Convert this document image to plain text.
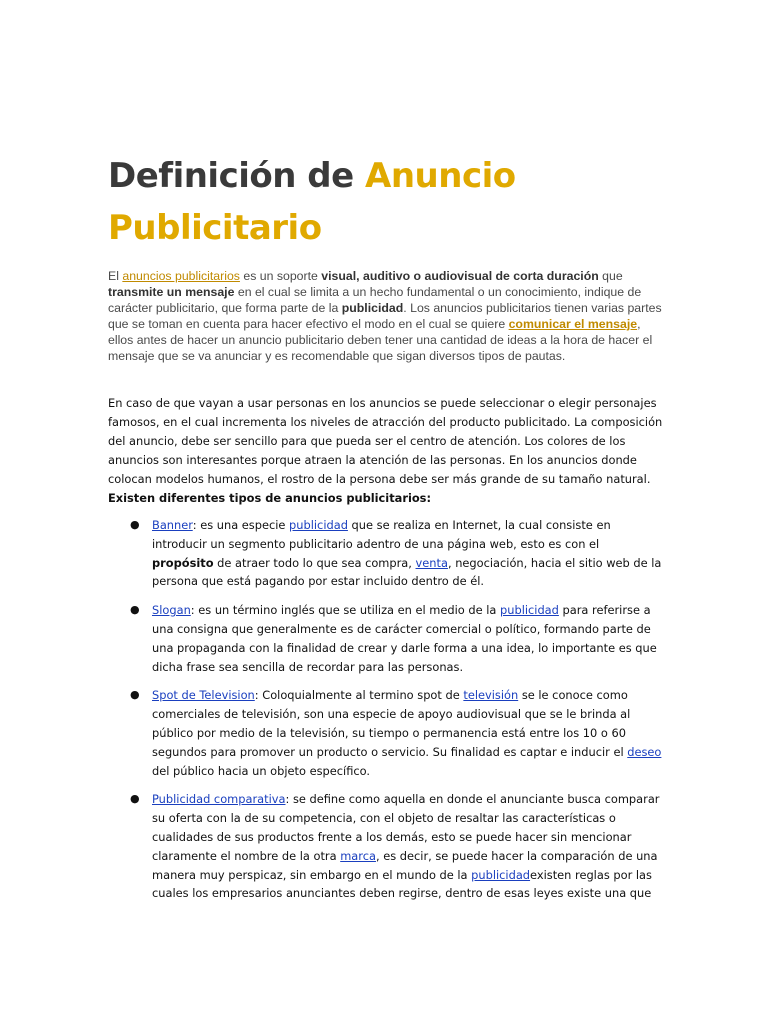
Definición de Anuncio Publicitario

El anuncios publicitarios es un soporte visual, auditivo o audiovisual de corta duración que transmite un mensaje en el cual se limita a un hecho fundamental o un conocimiento, indique de carácter publicitario, que forma parte de la publicidad. Los anuncios publicitarios tienen varias partes que se toman en cuenta para hacer efectivo el modo en el cual se quiere comunicar el mensaje, ellos antes de hacer un anuncio publicitario deben tener una cantidad de ideas a la hora de hacer el mensaje que se va anunciar y es recomendable que sigan diversos tipos de pautas.

En caso de que vayan a usar personas en los anuncios se puede seleccionar o elegir personajes famosos, en el cual incrementa los niveles de atracción del producto publicitado. La composición del anuncio, debe ser sencillo para que pueda ser el centro de atención. Los colores de los anuncios son interesantes porque atraen la atención de las personas. En los anuncios donde colocan modelos humanos, el rostro de la persona debe ser más grande de su tamaño natural. Existen diferentes tipos de anuncios publicitarios:

● Banner: es una especie publicidad que se realiza en Internet, la cual consiste en introducir un segmento publicitario adentro de una página web, esto es con el propósito de atraer todo lo que sea compra, venta, negociación, hacia el sitio web de la persona que está pagando por estar incluido dentro de él.
● Slogan: es un término inglés que se utiliza en el medio de la publicidad para referirse a una consigna que generalmente es de carácter comercial o político, formando parte de una propaganda con la finalidad de crear y darle forma a una idea, lo importante es que dicha frase sea sencilla de recordar para las personas.
● Spot de Television: Coloquialmente al termino spot de televisión se le conoce como comerciales de televisión, son una especie de apoyo audiovisual que se le brinda al público por medio de la televisión, su tiempo o permanencia está entre los 10 o 60 segundos para promover un producto o servicio. Su finalidad es captar e inducir el deseo del público hacia un objeto específico.
● Publicidad comparativa: se define como aquella en donde el anunciante busca comparar su oferta con la de su competencia, con el objeto de resaltar las características o cualidades de sus productos frente a los demás, esto se puede hacer sin mencionar claramente el nombre de la otra marca, es decir, se puede hacer la comparación de una manera muy perspicaz, sin embargo en el mundo de la publicidadexisten reglas por las cuales los empresarios anunciantes deben regirse, dentro de esas leyes existe una que
